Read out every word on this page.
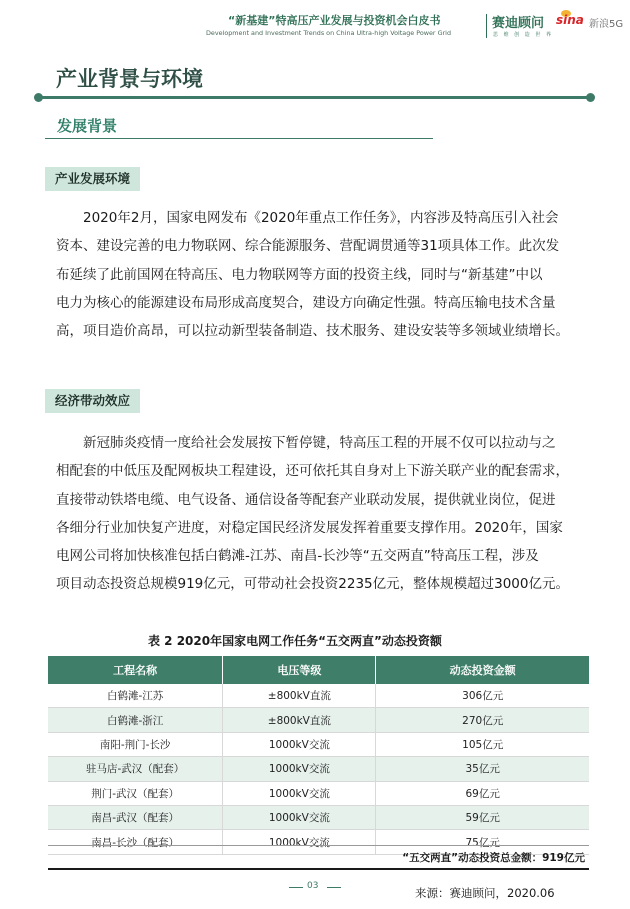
“新基建”特高压产业发展与投资机会白皮书
Development and Investment Trends on China Ultra-high Voltage Power Grid
赛迪顾问
思 维 创 造 世 界
sina 新浪5G
产业背景与环境
发展背景
产业发展环境
2020年2月，国家电网发布《2020年重点工作任务》，内容涉及特高压引入社会
资本、建设完善的电力物联网、综合能源服务、营配调贯通等31项具体工作。此次发
布延续了此前国网在特高压、电力物联网等方面的投资主线，同时与“新基建”中以
电力为核心的能源建设布局形成高度契合，建设方向确定性强。特高压输电技术含量
高，项目造价高昂，可以拉动新型装备制造、技术服务、建设安装等多领域业绩增长。
经济带动效应
新冠肺炎疫情一度给社会发展按下暂停键，特高压工程的开展不仅可以拉动与之
相配套的中低压及配网板块工程建设，还可依托其自身对上下游关联产业的配套需求，
直接带动铁塔电缆、电气设备、通信设备等配套产业联动发展，提供就业岗位，促进
各细分行业加快复产进度，对稳定国民经济发展发挥着重要支撑作用。2020年，国家
电网公司将加快核准包括白鹤滩-江苏、南昌-长沙等“五交两直”特高压工程，涉及
项目动态投资总规模919亿元，可带动社会投资2235亿元，整体规模超过3000亿元。
表 2 2020年国家电网工作任务“五交两直”动态投资额
工程名称	电压等级	动态投资金额
白鹤滩-江苏	±800kV直流	306亿元
白鹤滩-浙江	±800kV直流	270亿元
南阳-荆门-长沙	1000kV交流	105亿元
驻马店-武汉（配套）	1000kV交流	35亿元
荆门-武汉（配套）	1000kV交流	69亿元
南昌-武汉（配套）	1000kV交流	59亿元
南昌-长沙（配套）	1000kV交流	75亿元
“五交两直”动态投资总金额：919亿元
03	来源：赛迪顾问，2020.06
